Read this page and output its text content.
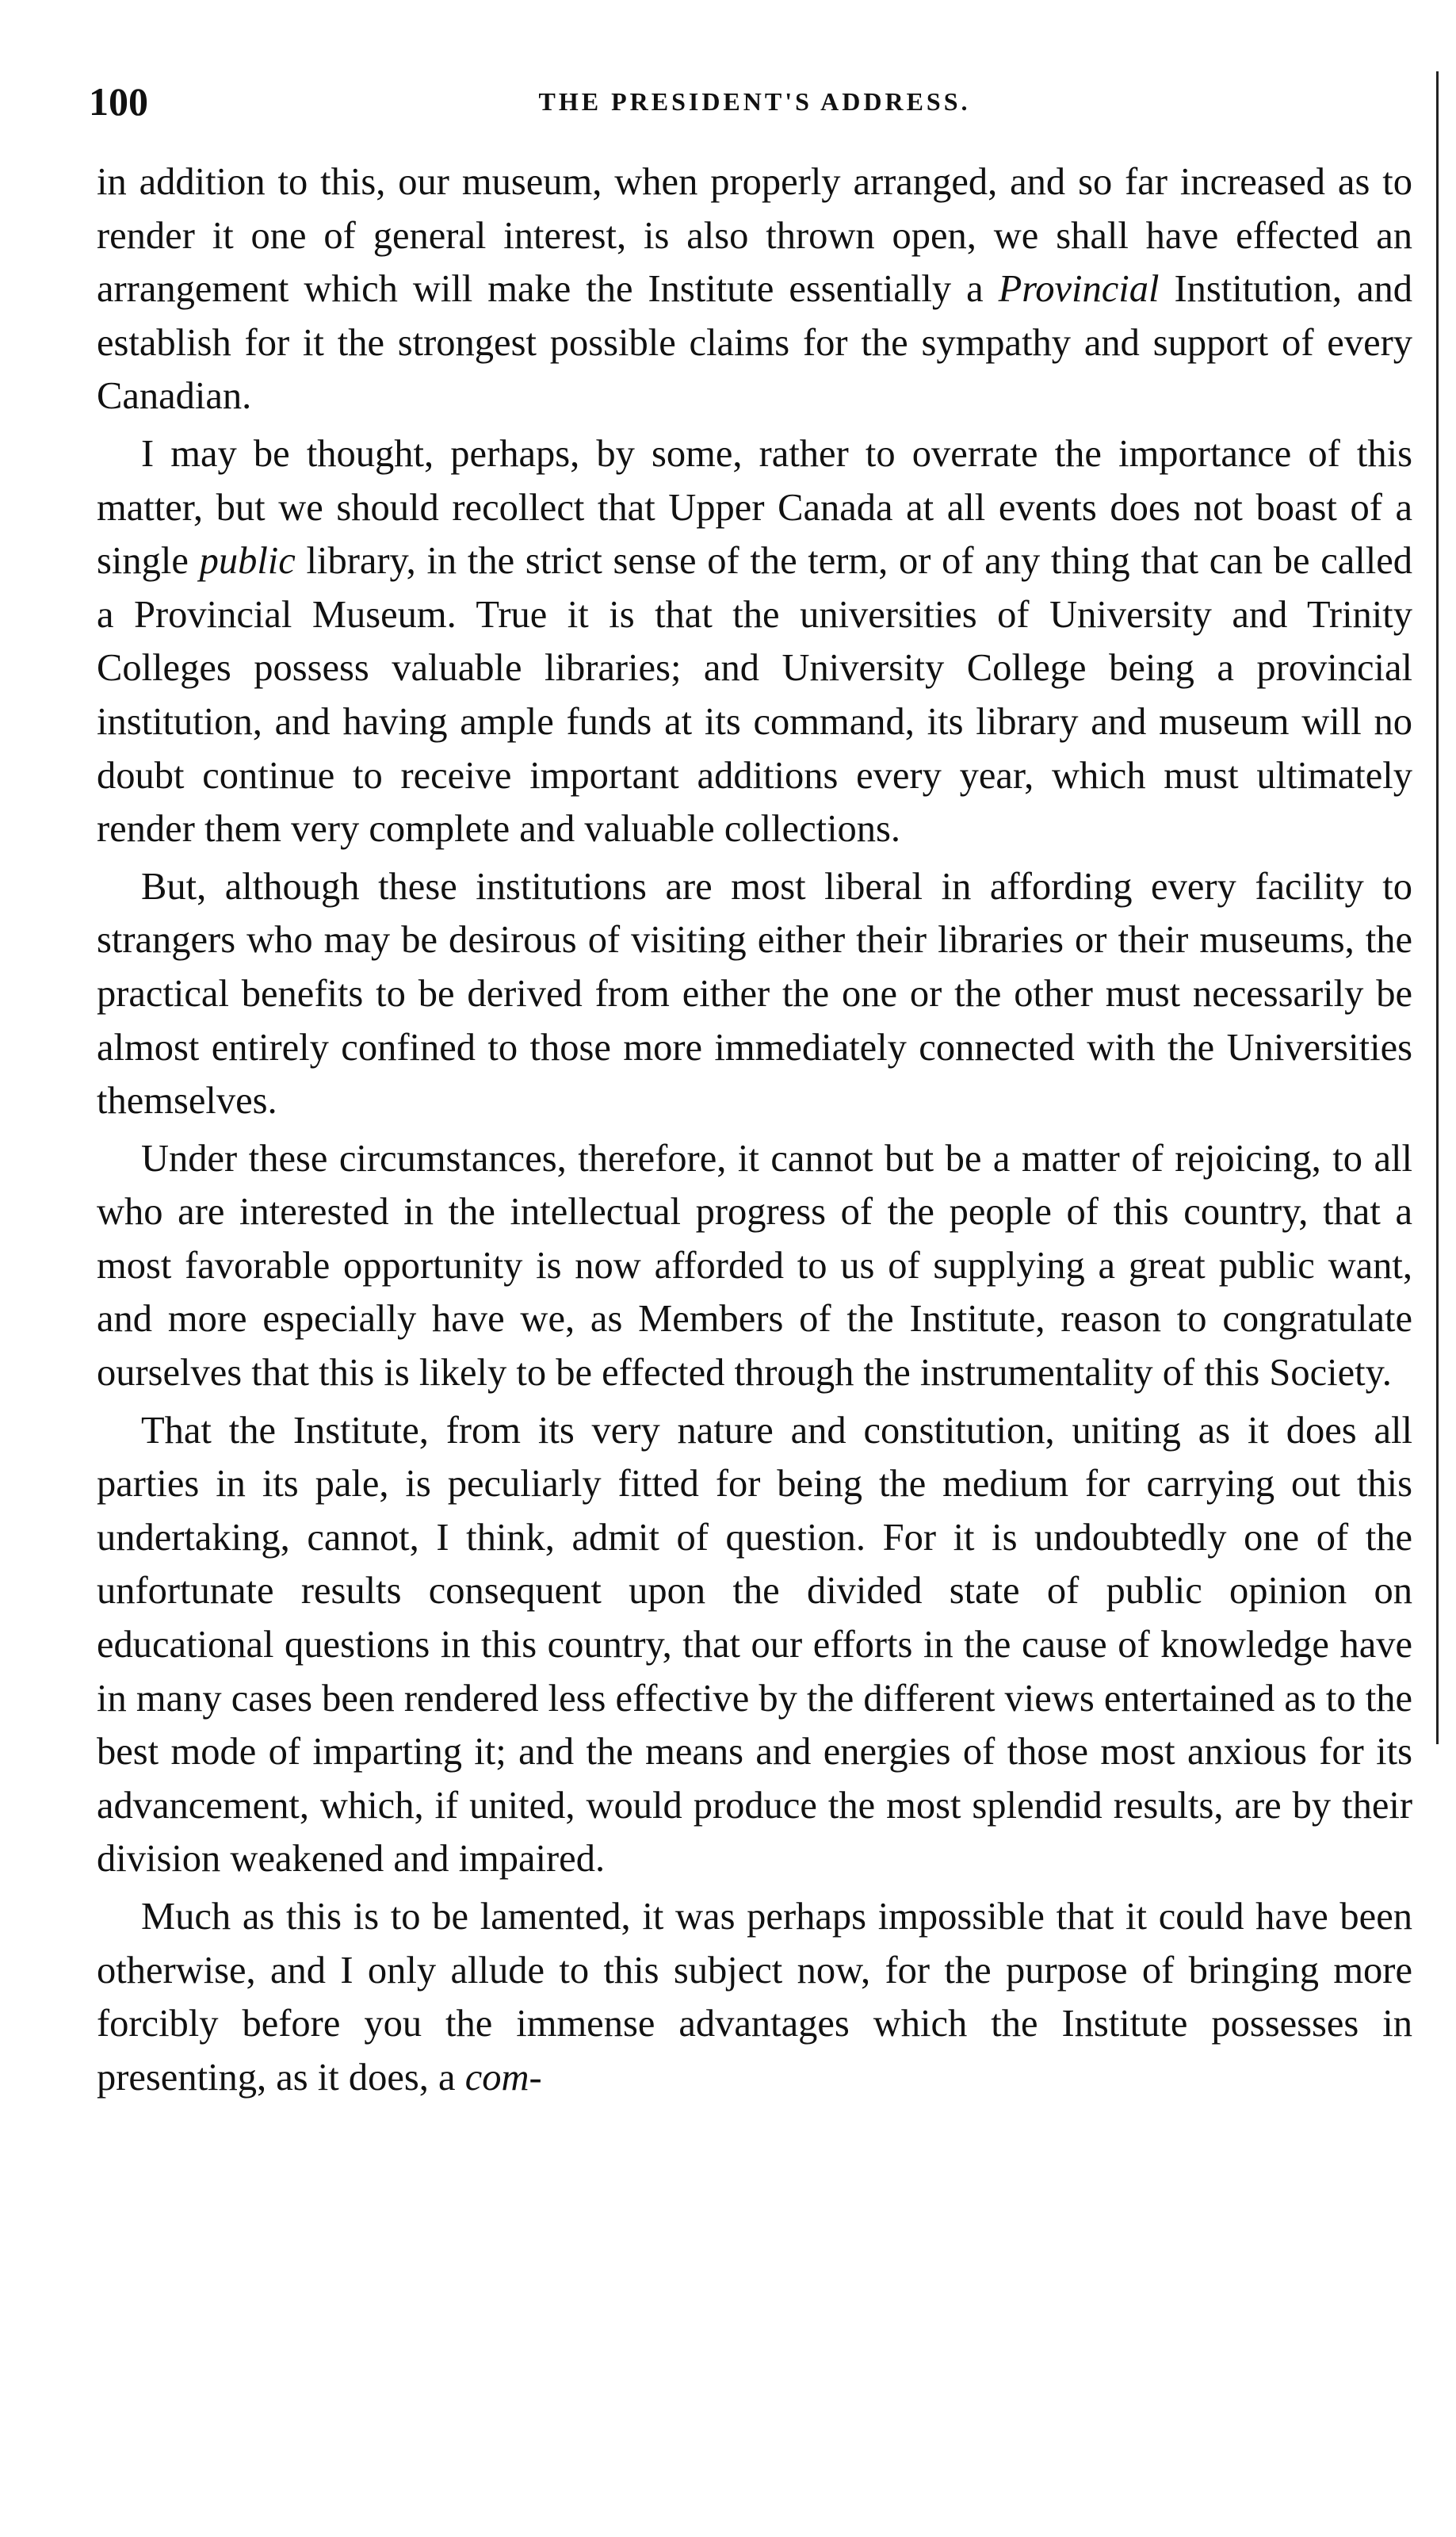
100	THE PRESIDENT'S ADDRESS.

in addition to this, our museum, when properly arranged, and so far increased as to render it one of general interest, is also thrown open, we shall have effected an arrangement which will make the Institute essentially a Provincial Institution, and establish for it the strongest possible claims for the sympathy and support of every Canadian.

I may be thought, perhaps, by some, rather to overrate the importance of this matter, but we should recollect that Upper Canada at all events does not boast of a single public library, in the strict sense of the term, or of any thing that can be called a Provincial Museum. True it is that the universities of University and Trinity Colleges possess valuable libraries; and University College being a provincial institution, and having ample funds at its command, its library and museum will no doubt continue to receive important additions every year, which must ultimately render them very complete and valuable collections.

But, although these institutions are most liberal in affording every facility to strangers who may be desirous of visiting either their libraries or their museums, the practical benefits to be derived from either the one or the other must necessarily be almost entirely confined to those more immediately connected with the Universities themselves.

Under these circumstances, therefore, it cannot but be a matter of rejoicing, to all who are interested in the intellectual progress of the people of this country, that a most favorable opportunity is now afforded to us of supplying a great public want, and more especially have we, as Members of the Institute, reason to congratulate ourselves that this is likely to be effected through the instrumentality of this Society.

That the Institute, from its very nature and constitution, uniting as it does all parties in its pale, is peculiarly fitted for being the medium for carrying out this undertaking, cannot, I think, admit of question. For it is undoubtedly one of the unfortunate results consequent upon the divided state of public opinion on educational questions in this country, that our efforts in the cause of knowledge have in many cases been rendered less effective by the different views entertained as to the best mode of imparting it; and the means and energies of those most anxious for its advancement, which, if united, would produce the most splendid results, are by their division weakened and impaired.

Much as this is to be lamented, it was perhaps impossible that it could have been otherwise, and I only allude to this subject now, for the purpose of bringing more forcibly before you the immense advantages which the Institute possesses in presenting, as it does, a com-
